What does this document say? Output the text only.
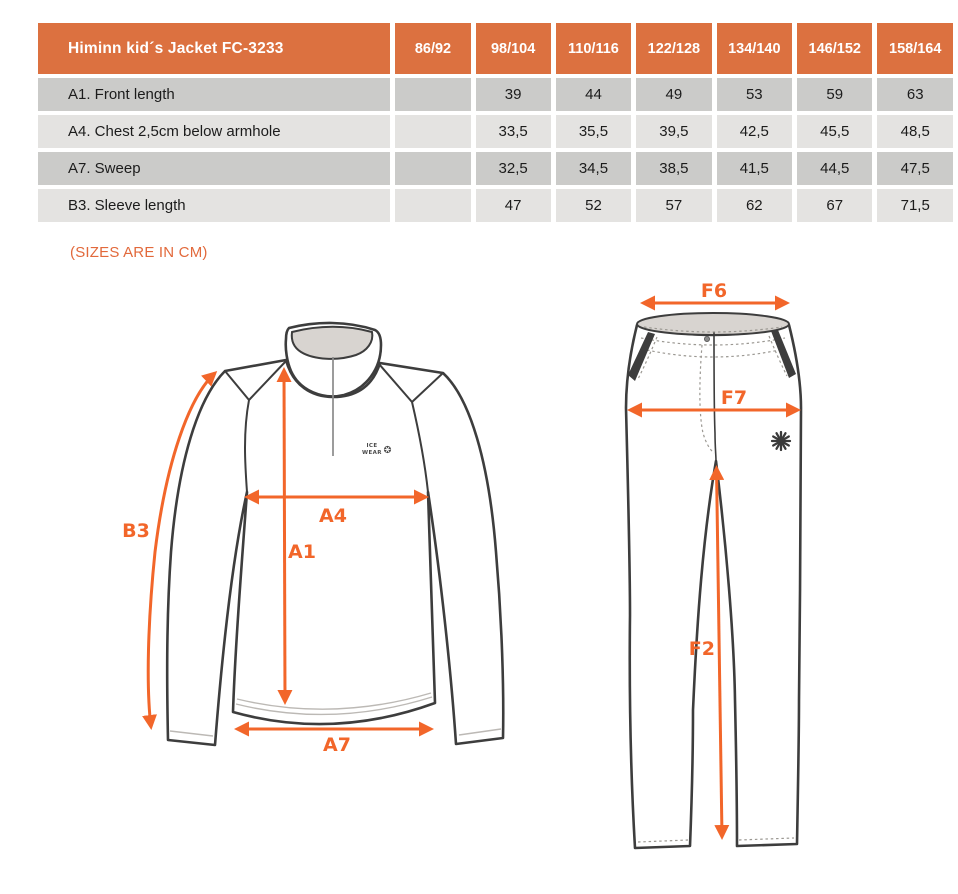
Himinn kid´s Jacket FC-3233	86/92	98/104	110/116	122/128	134/140	146/152	158/164
A1. Front length		39	44	49	53	59	63
A4. Chest 2,5cm below armhole		33,5	35,5	39,5	42,5	45,5	48,5
A7. Sweep		32,5	34,5	38,5	41,5	44,5	47,5
B3. Sleeve length		47	52	57	62	67	71,5
(SIZES ARE IN CM)
ICE
WEAR
B3
A4
A1
A7
F6
F7
F2
